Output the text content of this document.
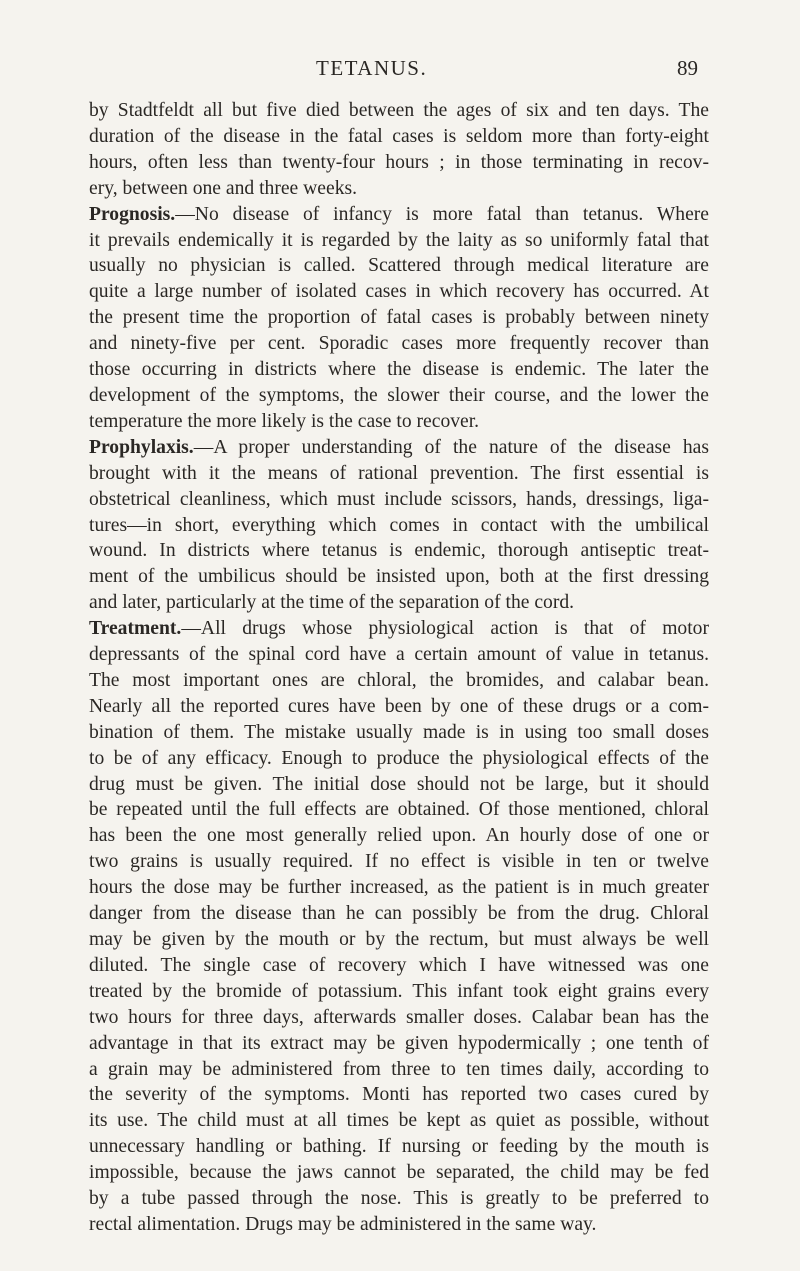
TETANUS.	89
by Stadtfeldt all but five died between the ages of six and ten days. The
duration of the disease in the fatal cases is seldom more than forty-eight
hours, often less than twenty-four hours ; in those terminating in recov-
ery, between one and three weeks.
Prognosis.—No disease of infancy is more fatal than tetanus. Where
it prevails endemically it is regarded by the laity as so uniformly fatal that
usually no physician is called. Scattered through medical literature are
quite a large number of isolated cases in which recovery has occurred. At
the present time the proportion of fatal cases is probably between ninety
and ninety-five per cent. Sporadic cases more frequently recover than
those occurring in districts where the disease is endemic. The later the
development of the symptoms, the slower their course, and the lower the
temperature the more likely is the case to recover.
Prophylaxis.—A proper understanding of the nature of the disease has
brought with it the means of rational prevention. The first essential is
obstetrical cleanliness, which must include scissors, hands, dressings, liga-
tures—in short, everything which comes in contact with the umbilical
wound. In districts where tetanus is endemic, thorough antiseptic treat-
ment of the umbilicus should be insisted upon, both at the first dressing
and later, particularly at the time of the separation of the cord.
Treatment.—All drugs whose physiological action is that of motor
depressants of the spinal cord have a certain amount of value in tetanus.
The most important ones are chloral, the bromides, and calabar bean.
Nearly all the reported cures have been by one of these drugs or a com-
bination of them. The mistake usually made is in using too small doses
to be of any efficacy. Enough to produce the physiological effects of the
drug must be given. The initial dose should not be large, but it should
be repeated until the full effects are obtained. Of those mentioned, chloral
has been the one most generally relied upon. An hourly dose of one or
two grains is usually required. If no effect is visible in ten or twelve
hours the dose may be further increased, as the patient is in much greater
danger from the disease than he can possibly be from the drug. Chloral
may be given by the mouth or by the rectum, but must always be well
diluted. The single case of recovery which I have witnessed was one
treated by the bromide of potassium. This infant took eight grains every
two hours for three days, afterwards smaller doses. Calabar bean has the
advantage in that its extract may be given hypodermically ; one tenth of
a grain may be administered from three to ten times daily, according to
the severity of the symptoms. Monti has reported two cases cured by
its use. The child must at all times be kept as quiet as possible, without
unnecessary handling or bathing. If nursing or feeding by the mouth is
impossible, because the jaws cannot be separated, the child may be fed
by a tube passed through the nose. This is greatly to be preferred to
rectal alimentation. Drugs may be administered in the same way.
